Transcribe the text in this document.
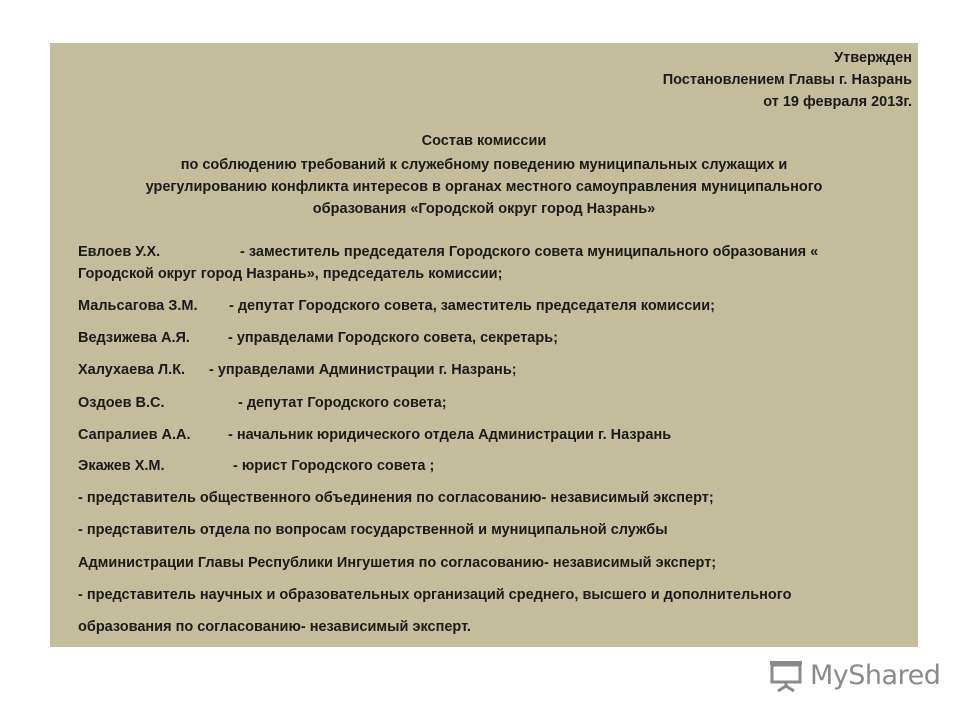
Утвержден
Постановлением Главы г. Назрань
от 19 февраля 2013г.
Состав комиссии
по соблюдению требований к служебному поведению муниципальных служащих и
урегулированию конфликта интересов в органах местного самоуправления муниципального
образования «Городской округ город Назрань»
Евлоев У.Х.	- заместитель председателя Городского совета муниципального образования «
Городской округ город Назрань», председатель комиссии;
Мальсагова З.М. - депутат Городского совета, заместитель председателя комиссии;
Ведзижева А.Я.	- управделами Городского совета, секретарь;
Халухаева Л.К. - управделами Администрации г. Назрань;
Оздоев В.С.	- депутат Городского совета;
Сапралиев А.А.	- начальник юридического отдела Администрации г. Назрань
Экажев Х.М.	- юрист Городского совета ;
- представитель общественного объединения по согласованию- независимый эксперт;
- представитель отдела по вопросам государственной и муниципальной службы
Администрации Главы Республики Ингушетия по согласованию- независимый эксперт;
- представитель научных и образовательных организаций среднего, высшего и дополнительного
образования по согласованию- независимый эксперт.
MyShared
